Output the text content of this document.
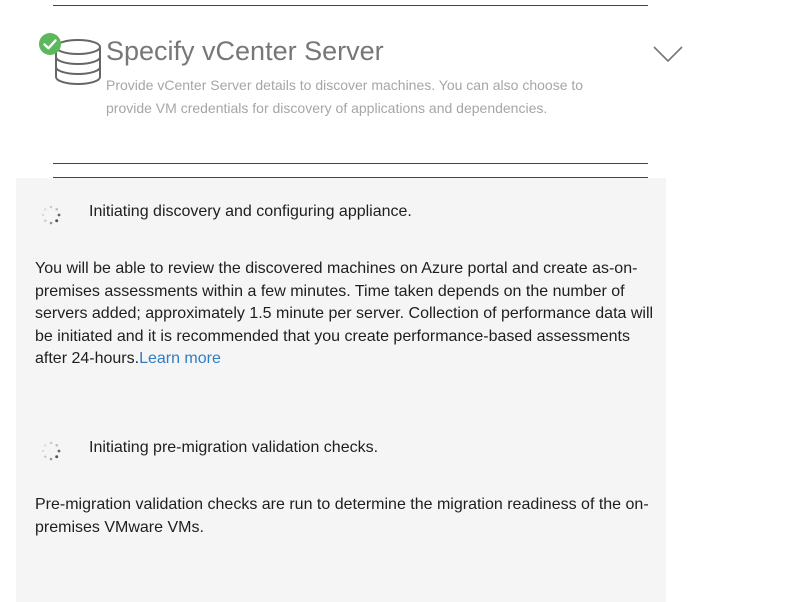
Specify vCenter Server

Provide vCenter Server details to discover machines. You can also choose to provide VM credentials for discovery of applications and dependencies.

Initiating discovery and configuring appliance.

You will be able to review the discovered machines on Azure portal and create as-on-premises assessments within a few minutes. Time taken depends on the number of servers added; approximately 1.5 minute per server. Collection of performance data will be initiated and it is recommended that you create performance-based assessments after 24-hours.Learn more

Initiating pre-migration validation checks.

Pre-migration validation checks are run to determine the migration readiness of the on-premises VMware VMs.
